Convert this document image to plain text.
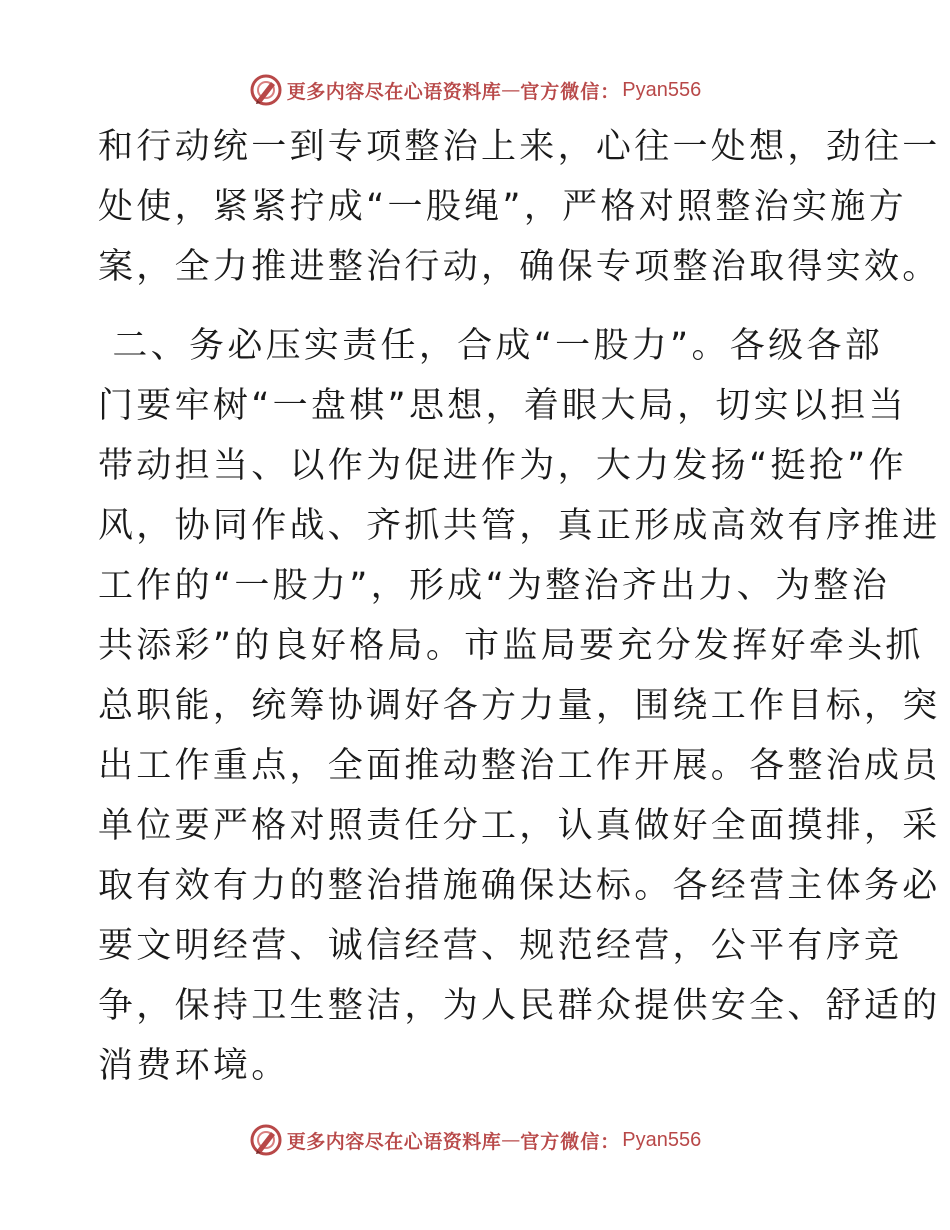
更多内容尽在心语资料库 — 官方微信： Pyan556
和行动统一到专项整治上来，心往一处想，劲往一
处使，紧紧拧成“一股绳”，严格对照整治实施方
案，全力推进整治行动，确保专项整治取得实效。
二、务必压实责任，合成“一股力”。各级各部
门要牢树“一盘棋”思想，着眼大局，切实以担当
带动担当、以作为促进作为，大力发扬“挺抢”作
风，协同作战、齐抓共管，真正形成高效有序推进
工作的“一股力”，形成“为整治齐出力、为整治
共添彩”的良好格局。市监局要充分发挥好牵头抓
总职能，统筹协调好各方力量，围绕工作目标，突
出工作重点，全面推动整治工作开展。各整治成员
单位要严格对照责任分工，认真做好全面摸排，采
取有效有力的整治措施确保达标。各经营主体务必
要文明经营、诚信经营、规范经营，公平有序竞
争，保持卫生整洁，为人民群众提供安全、舒适的
消费环境。
更多内容尽在心语资料库 — 官方微信： Pyan556
